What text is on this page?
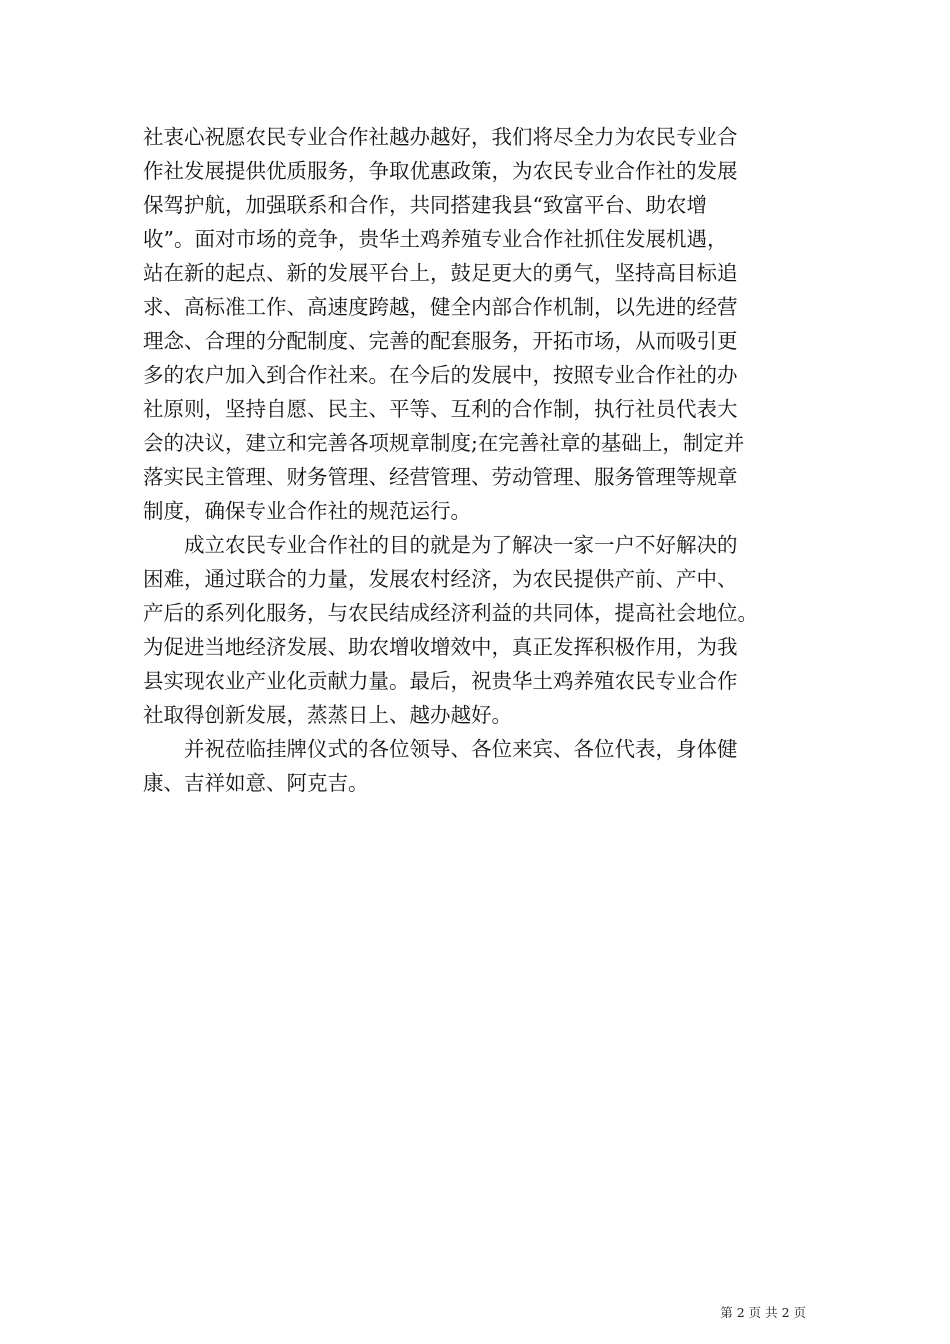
社衷心祝愿农民专业合作社越办越好，我们将尽全力为农民专业合
作社发展提供优质服务，争取优惠政策，为农民专业合作社的发展
保驾护航，加强联系和合作，共同搭建我县“致富平台、助农增
收”。面对市场的竞争，贵华土鸡养殖专业合作社抓住发展机遇，
站在新的起点、新的发展平台上，鼓足更大的勇气，坚持高目标追
求、高标准工作、高速度跨越，健全内部合作机制，以先进的经营
理念、合理的分配制度、完善的配套服务，开拓市场，从而吸引更
多的农户加入到合作社来。在今后的发展中，按照专业合作社的办
社原则，坚持自愿、民主、平等、互利的合作制，执行社员代表大
会的决议，建立和完善各项规章制度;在完善社章的基础上，制定并
落实民主管理、财务管理、经营管理、劳动管理、服务管理等规章
制度，确保专业合作社的规范运行。
　　成立农民专业合作社的目的就是为了解决一家一户不好解决的
困难，通过联合的力量，发展农村经济，为农民提供产前、产中、
产后的系列化服务，与农民结成经济利益的共同体，提高社会地位。
为促进当地经济发展、助农增收增效中，真正发挥积极作用，为我
县实现农业产业化贡献力量。最后，祝贵华土鸡养殖农民专业合作
社取得创新发展，蒸蒸日上、越办越好。
　　并祝莅临挂牌仪式的各位领导、各位来宾、各位代表，身体健
康、吉祥如意、阿克吉。
第 2 页 共 2 页
